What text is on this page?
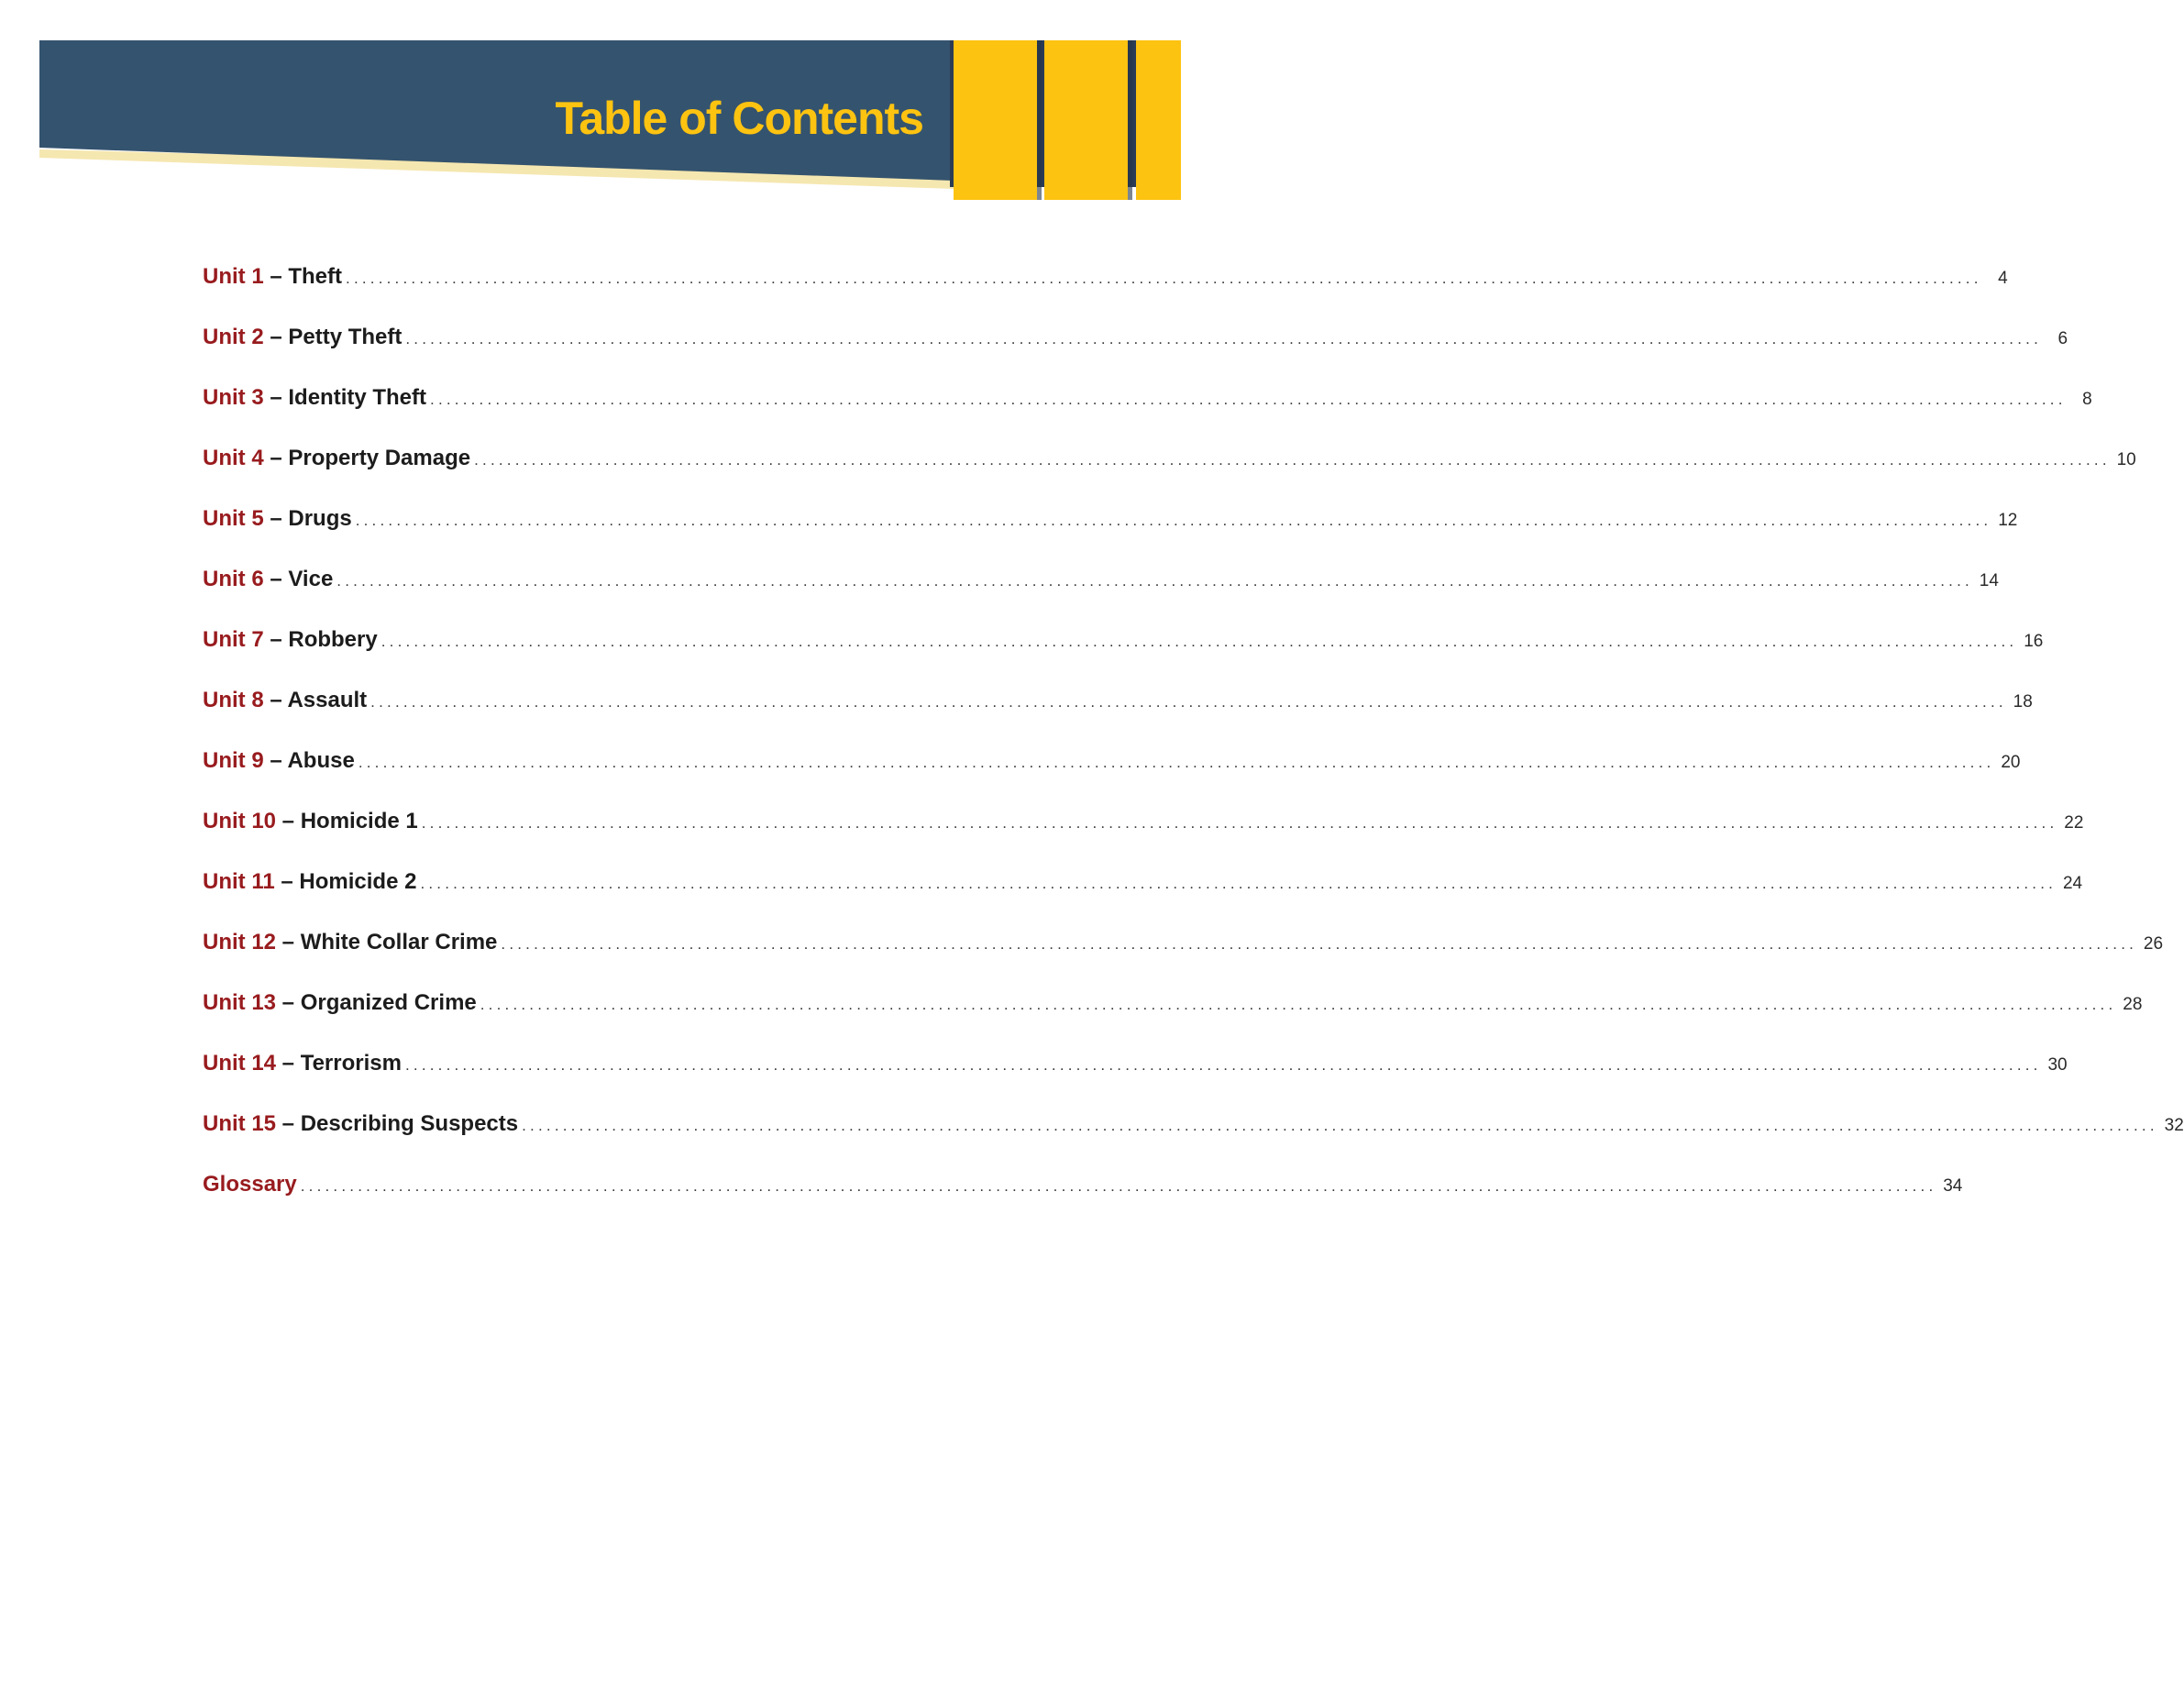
Table of Contents
Unit 1 – Theft ........................................................................................................................................................................................................ 4
Unit 2 – Petty Theft ........................................................................................................................................................................................................ 6
Unit 3 – Identity Theft ........................................................................................................................................................................................................ 8
Unit 4 – Property Damage ........................................................................................................................................................................................................ 10
Unit 5 – Drugs ........................................................................................................................................................................................................ 12
Unit 6 – Vice ........................................................................................................................................................................................................ 14
Unit 7 – Robbery ........................................................................................................................................................................................................ 16
Unit 8 – Assault ........................................................................................................................................................................................................ 18
Unit 9 – Abuse ........................................................................................................................................................................................................ 20
Unit 10 – Homicide 1 ........................................................................................................................................................................................................ 22
Unit 11 – Homicide 2 ........................................................................................................................................................................................................ 24
Unit 12 – White Collar Crime ........................................................................................................................................................................................................ 26
Unit 13 – Organized Crime ........................................................................................................................................................................................................ 28
Unit 14 – Terrorism ........................................................................................................................................................................................................ 30
Unit 15 – Describing Suspects ........................................................................................................................................................................................................ 32
Glossary ........................................................................................................................................................................................................ 34
